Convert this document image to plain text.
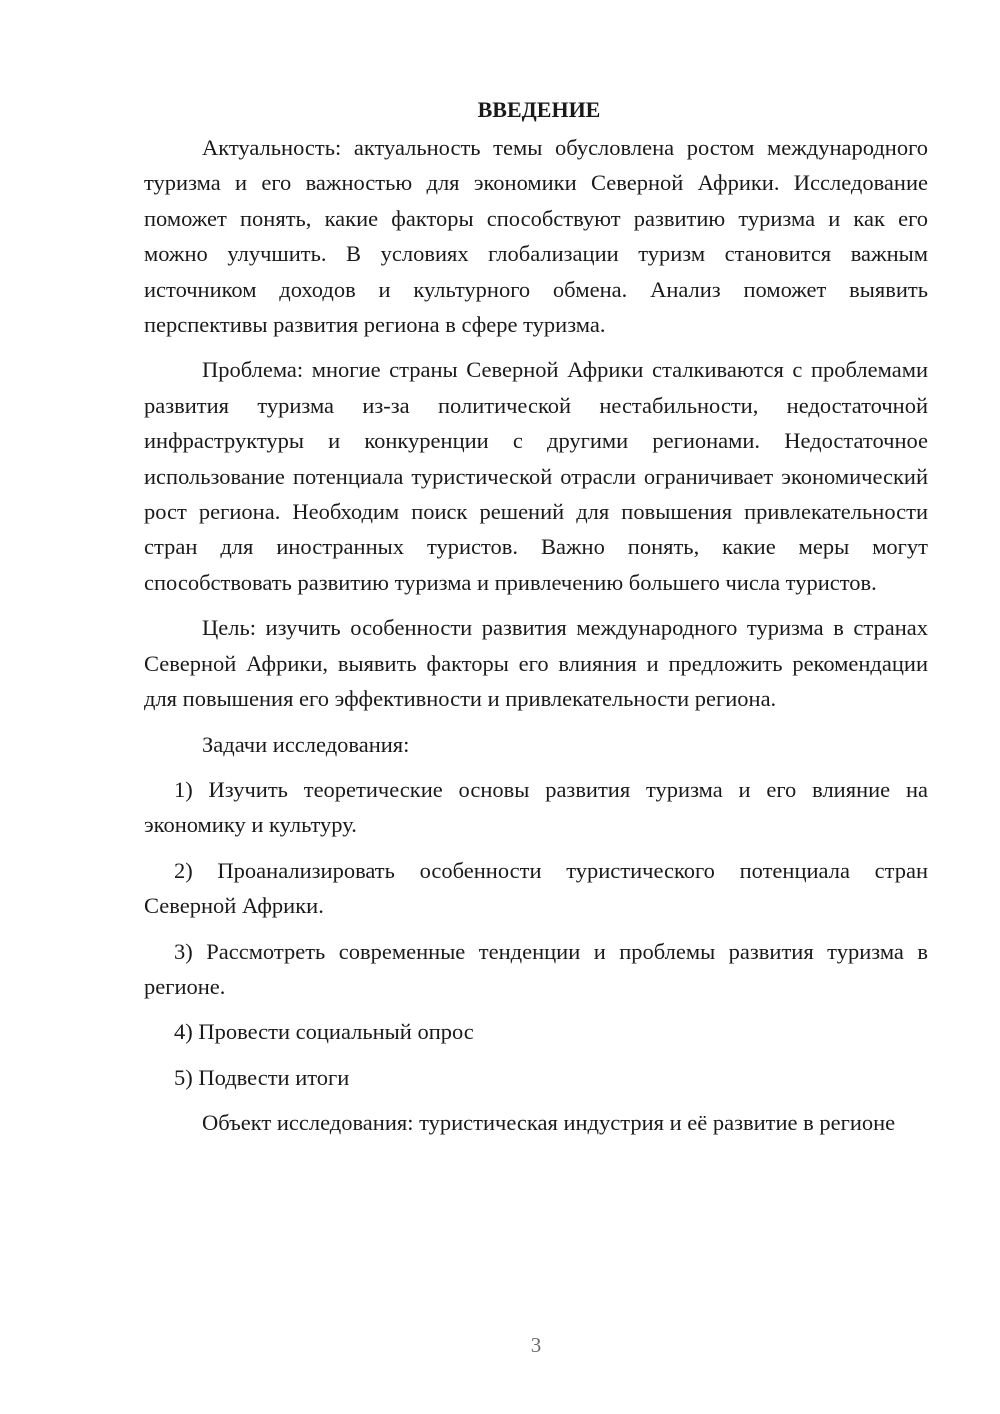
ВВЕДЕНИЕ

Актуальность: актуальность темы обусловлена ростом международного туризма и его важностью для экономики Северной Африки. Исследование поможет понять, какие факторы способствуют развитию туризма и как его можно улучшить. В условиях глобализации туризм становится важным источником доходов и культурного обмена. Анализ поможет выявить перспективы развития региона в сфере туризма.

Проблема: многие страны Северной Африки сталкиваются с проблемами развития туризма из-за политической нестабильности, недостаточной инфраструктуры и конкуренции с другими регионами. Недостаточное использование потенциала туристической отрасли ограничивает экономический рост региона. Необходим поиск решений для повышения привлекательности стран для иностранных туристов. Важно понять, какие меры могут способствовать развитию туризма и привлечению большего числа туристов.

Цель: изучить особенности развития международного туризма в странах Северной Африки, выявить факторы его влияния и предложить рекомендации для повышения его эффективности и привлекательности региона.

Задачи исследования:

1) Изучить теоретические основы развития туризма и его влияние на экономику и культуру.

2) Проанализировать особенности туристического потенциала стран Северной Африки.

3) Рассмотреть современные тенденции и проблемы развития туризма в регионе.

4) Провести социальный опрос

5) Подвести итоги

Объект исследования: туристическая индустрия и её развитие в регионе

3
